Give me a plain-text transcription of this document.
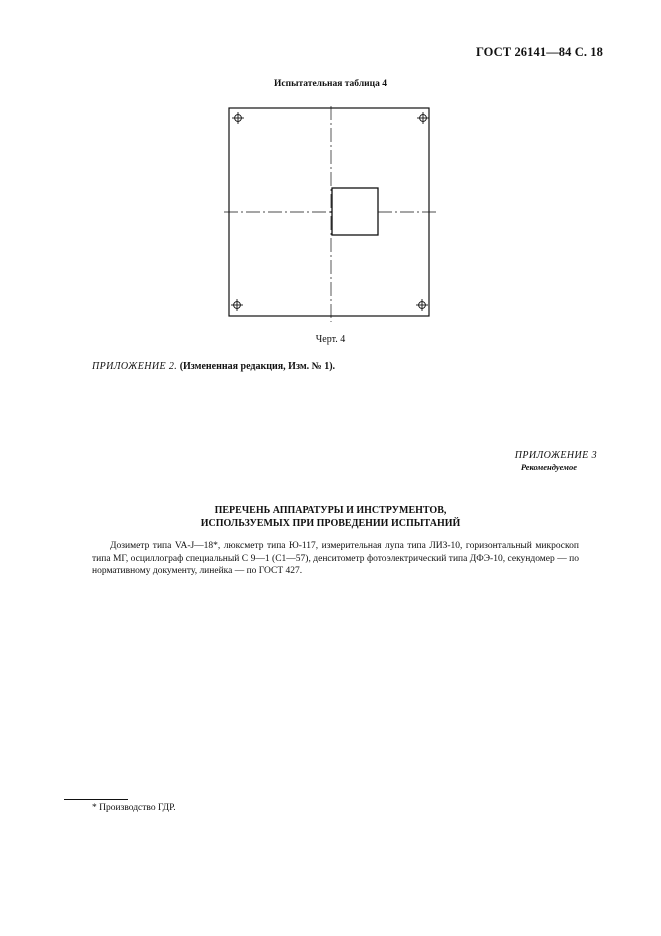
ГОСТ 26141—84 С. 18
Испытательная таблица 4
Черт. 4
ПРИЛОЖЕНИЕ 2. (Измененная редакция, Изм. № 1).
ПРИЛОЖЕНИЕ 3
Рекомендуемое
ПЕРЕЧЕНЬ АППАРАТУРЫ И ИНСТРУМЕНТОВ,
ИСПОЛЬЗУЕМЫХ ПРИ ПРОВЕДЕНИИ ИСПЫТАНИЙ

Дозиметр типа VA-J—18*, люксметр типа Ю-117, измерительная лупа типа ЛИЗ-10, горизонтальный микроскоп типа МГ, осциллограф специальный С 9—1 (С1—57), денситометр фотоэлектрический типа ДФЭ-10, секундомер — по нормативному документу, линейка — по ГОСТ 427.

* Производство ГДР.
